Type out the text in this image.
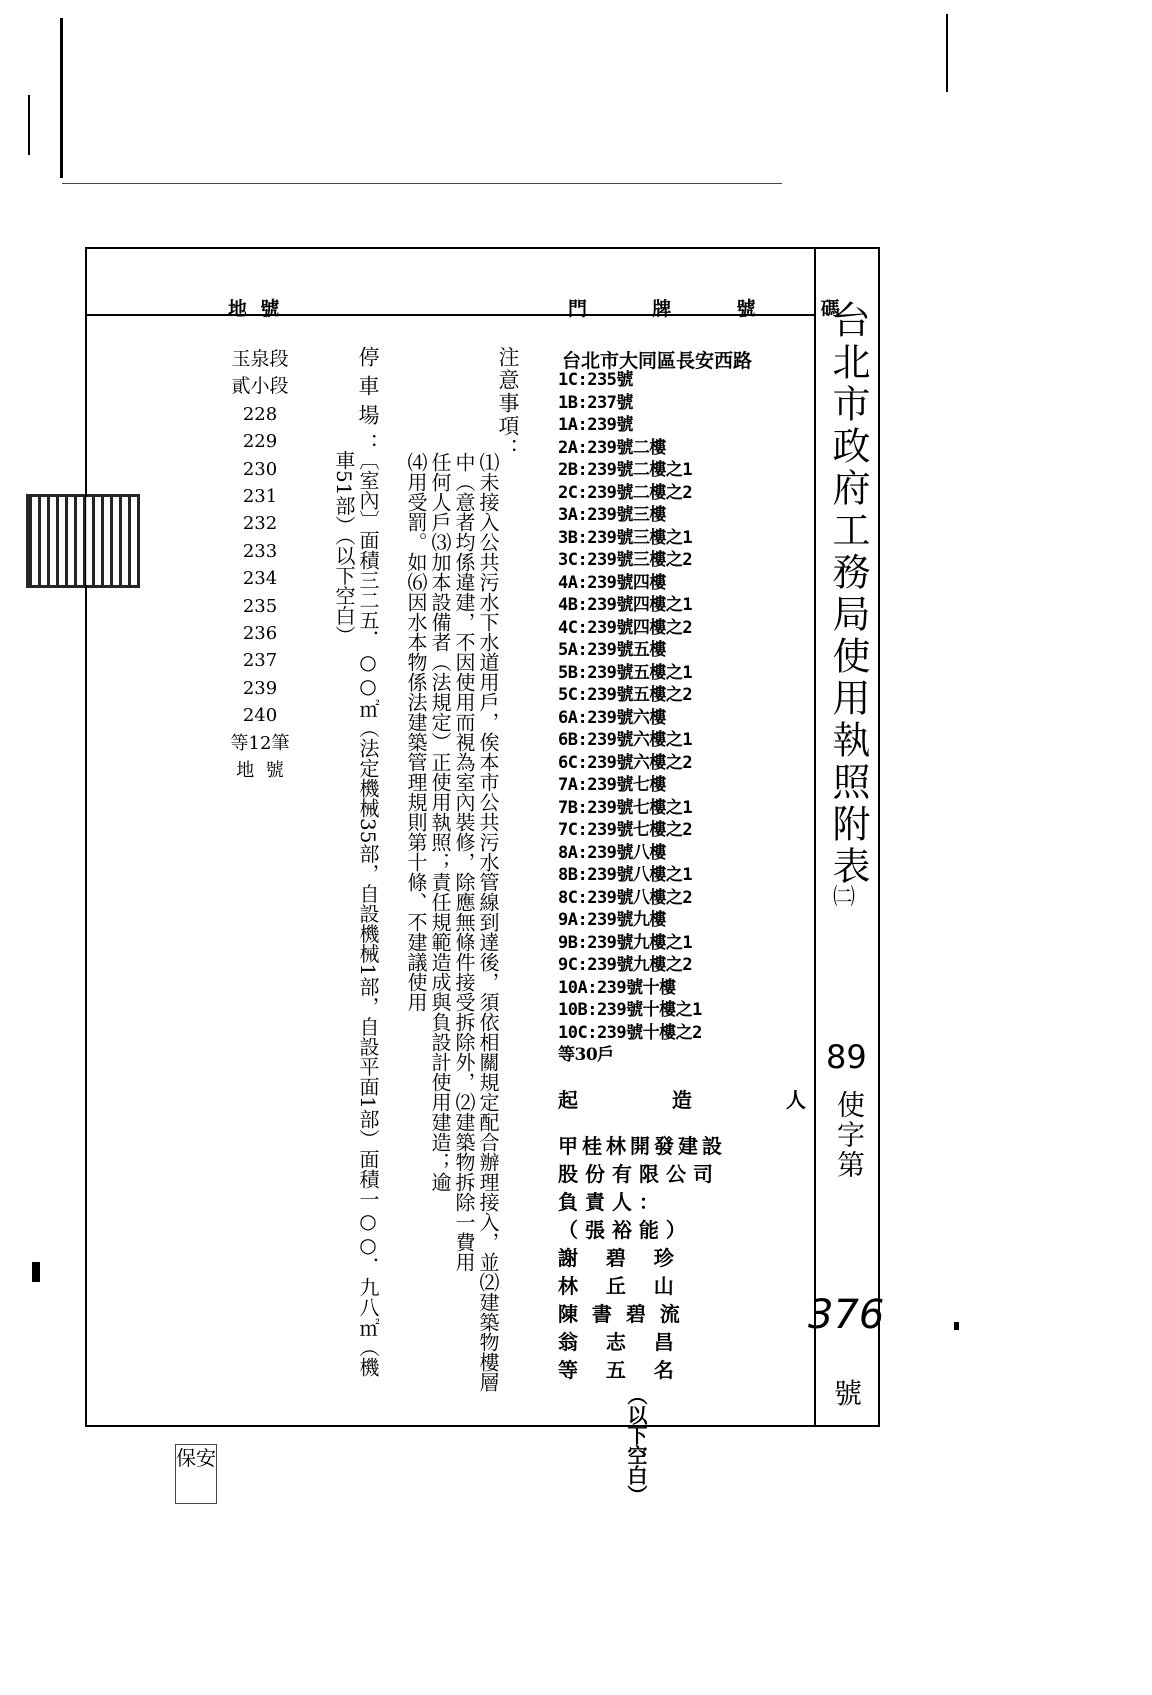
台北市政府工務局使用執照附表
㈡
89
使字第
376
號
地  號	門  牌  號  碼
玉泉段
貳小段
228
229
230
231
232
233
234
235
236
237
239
240
等12筆
地  號
停車場：
〔室內〕面積三二五．○○㎡（法定機械35部，自設機械1部，自設平面1部）面積一○○．九八㎡（機
車51部）（以下空白）
注意事項：
⑴未接入公共污水下水道用戶，俟本市公共污水管線到達後，須依相關規定配合辦理接入，並⑵建築物樓層
中（意者均係違建，不因使用而視為室內裝修，除應無條件接受拆除外，⑵建築物拆除一費用
任何人戶⑶加本設備者（法規定）正使用執照；責任規範造成與負設計使用建造；逾
⑷用受罰。如⑹因水本物係法建築管理規則第十條、不建議使用
台北市大同區長安西路
1C:235號
1B:237號
1A:239號
2A:239號二樓
2B:239號二樓之1
2C:239號二樓之2
3A:239號三樓
3B:239號三樓之1
3C:239號三樓之2
4A:239號四樓
4B:239號四樓之1
4C:239號四樓之2
5A:239號五樓
5B:239號五樓之1
5C:239號五樓之2
6A:239號六樓
6B:239號六樓之1
6C:239號六樓之2
7A:239號七樓
7B:239號七樓之1
7C:239號七樓之2
8A:239號八樓
8B:239號八樓之1
8C:239號八樓之2
9A:239號九樓
9B:239號九樓之1
9C:239號九樓之2
10A:239號十樓
10B:239號十樓之1
10C:239號十樓之2
等30戶
起  造  人
甲桂林開發建設
股份有限公司
負 責 人 ：
（ 張 裕 能 ）
謝    碧    珍
林    丘    山
陳  書  碧  流
翁    志    昌
等    五    名
（以下空白）
保安
